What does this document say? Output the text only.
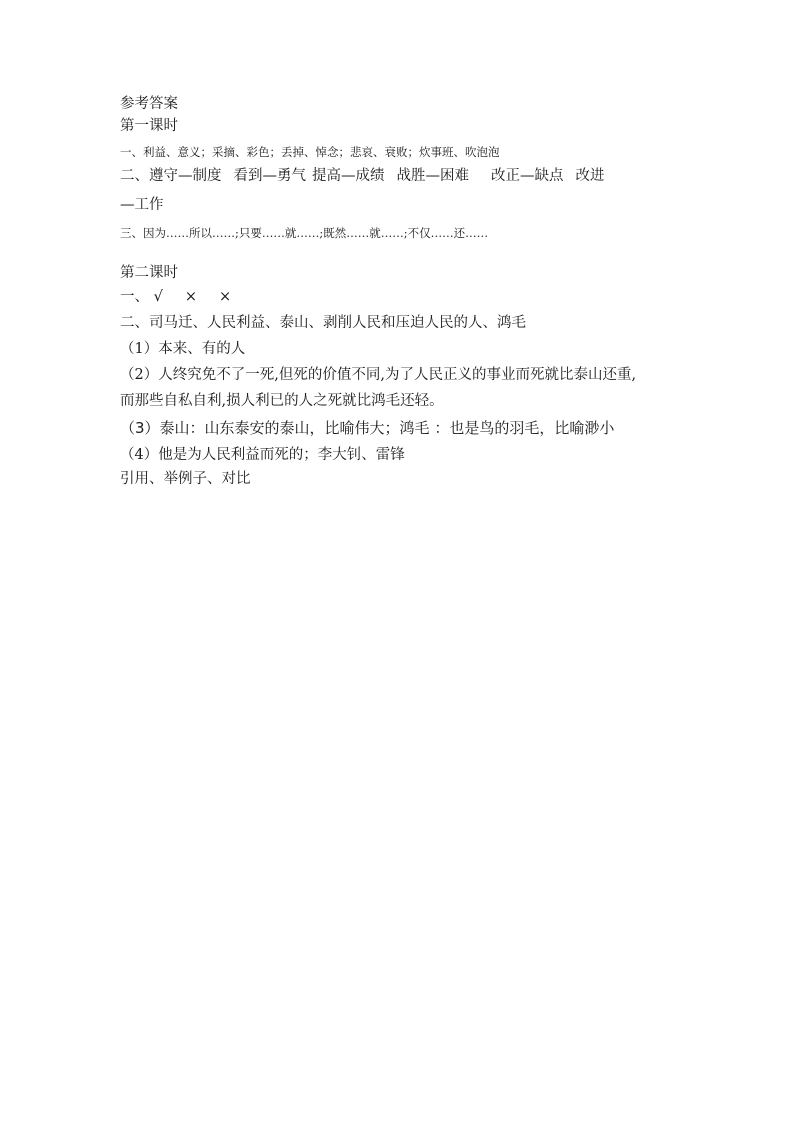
参考答案

第一课时

一、利益、意义；采摘、彩色；丢掉、悼念；悲哀、衰败；炊事班、吹泡泡

二、遵守—制度 看到—勇气 提高—成绩 战胜—困难 改正—缺点 改进

—工作

三、因为……所以……;只要……就……;既然……就……;不仅……还……

第二课时

一、 √ × ×

二、司马迁、人民利益、泰山、剥削人民和压迫人民的人、鸿毛

（1）本来、有的人

（2）人终究免不了一死,但死的价值不同,为了人民正义的事业而死就比泰山还重,

而那些自私自利,损人利已的人之死就比鸿毛还轻。

（3）泰山：山东泰安的泰山，比喻伟大；鸿毛 ：也是鸟的羽毛，比喻渺小

（4）他是为人民利益而死的；李大钊、雷锋

引用、举例子、对比
